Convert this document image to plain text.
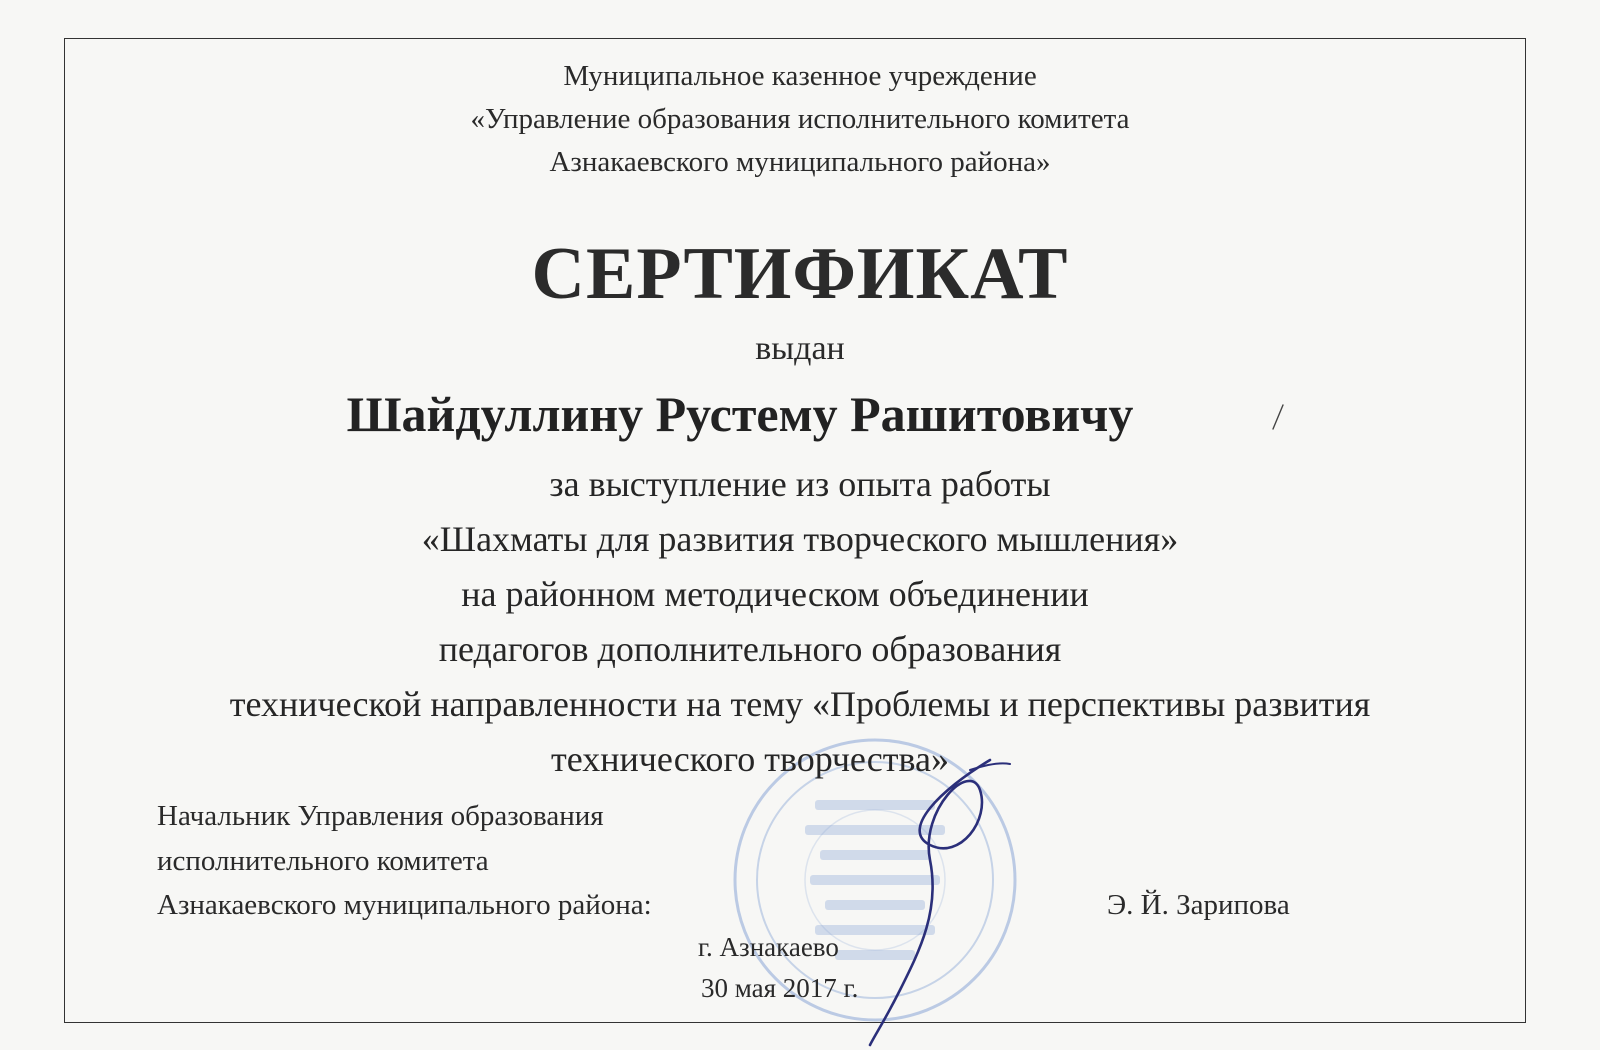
Муниципальное казенное учреждение
«Управление образования исполнительного комитета
Азнакаевского муниципального района»
СЕРТИФИКАТ
выдан
Шайдуллину Рустему Рашитовичу
за выступление из опыта работы
«Шахматы для развития творческого мышления»
на районном методическом объединении
педагогов дополнительного образования
технической направленности на тему «Проблемы и перспективы развития
технического творчества»
Начальник Управления образования
исполнительного комитета
Азнакаевского муниципального района:	Э. Й. Зарипова
г. Азнакаево
30 мая 2017 г.
